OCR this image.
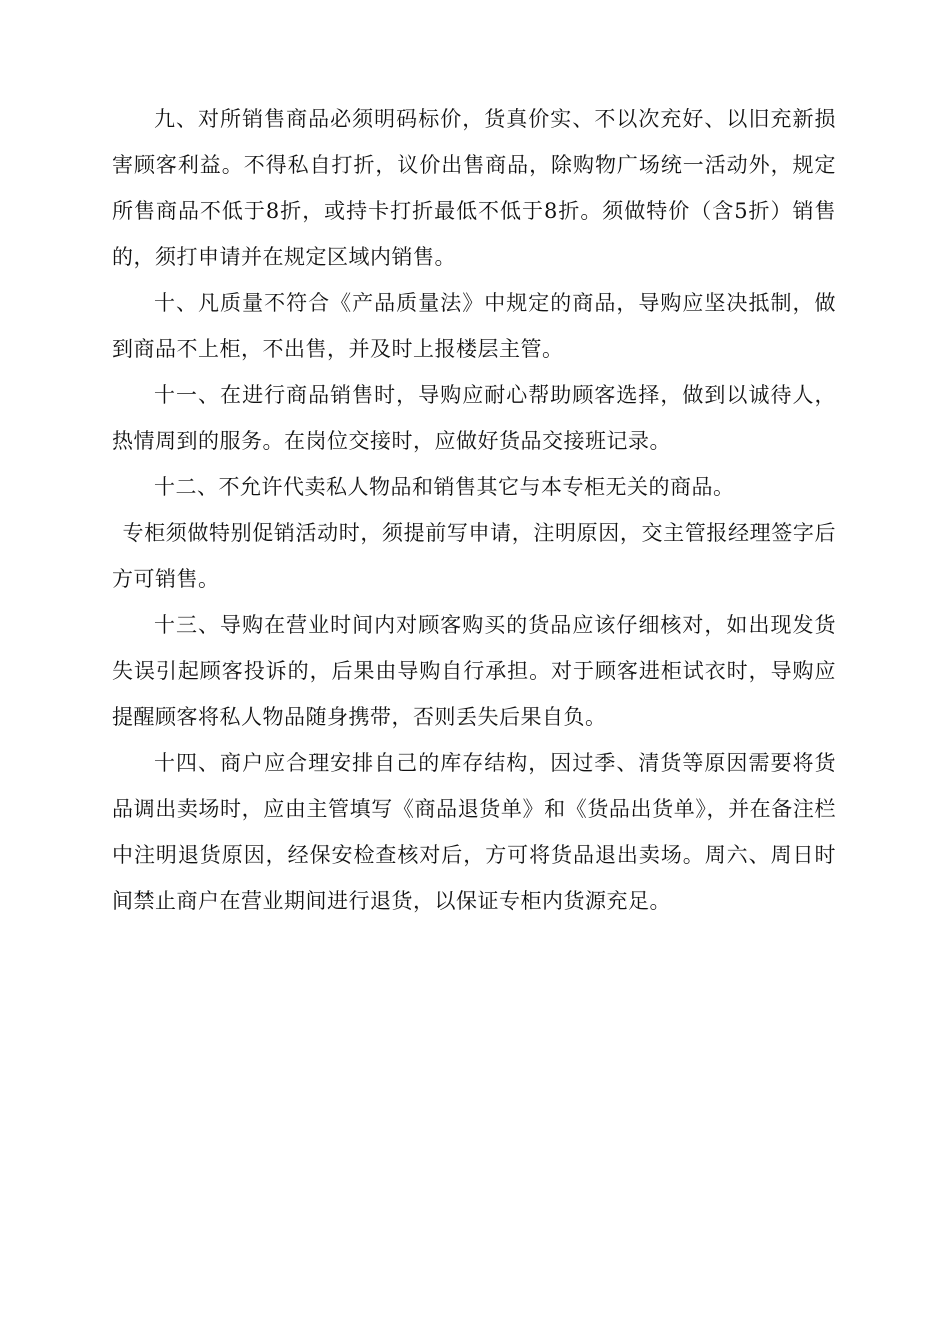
九、对所销售商品必须明码标价，货真价实、不以次充好、以旧充新损害顾客利益。不得私自打折，议价出售商品，除购物广场统一活动外，规定所售商品不低于8折，或持卡打折最低不低于8折。须做特价（含5折）销售的，须打申请并在规定区域内销售。

十、凡质量不符合《产品质量法》中规定的商品，导购应坚决抵制，做到商品不上柜，不出售，并及时上报楼层主管。

十一、在进行商品销售时，导购应耐心帮助顾客选择，做到以诚待人，热情周到的服务。在岗位交接时，应做好货品交接班记录。

十二、不允许代卖私人物品和销售其它与本专柜无关的商品。

专柜须做特别促销活动时，须提前写申请，注明原因，交主管报经理签字后方可销售。

十三、导购在营业时间内对顾客购买的货品应该仔细核对，如出现发货失误引起顾客投诉的，后果由导购自行承担。对于顾客进柜试衣时，导购应提醒顾客将私人物品随身携带，否则丢失后果自负。

十四、商户应合理安排自己的库存结构，因过季、清货等原因需要将货品调出卖场时，应由主管填写《商品退货单》和《货品出货单》，并在备注栏中注明退货原因，经保安检查核对后，方可将货品退出卖场。周六、周日时间禁止商户在营业期间进行退货，以保证专柜内货源充足。
